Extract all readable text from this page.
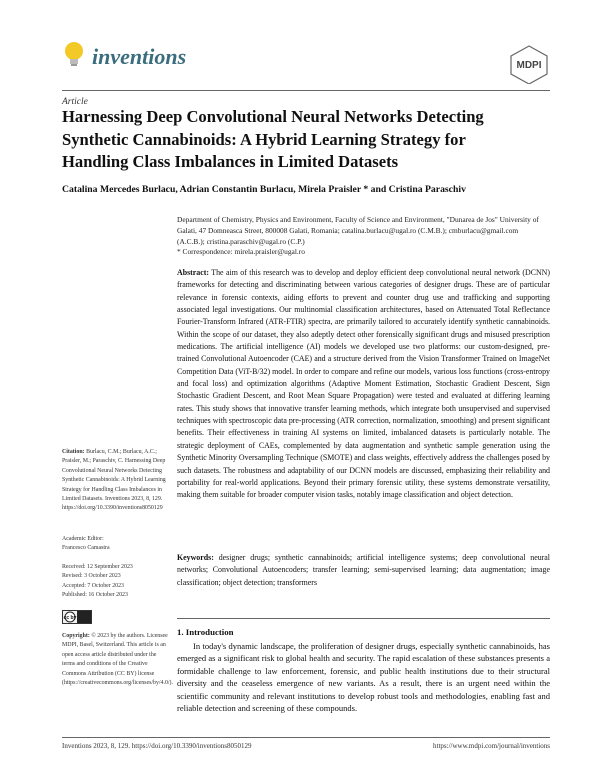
inventions	MDPI
Article
Harnessing Deep Convolutional Neural Networks Detecting Synthetic Cannabinoids: A Hybrid Learning Strategy for Handling Class Imbalances in Limited Datasets
Catalina Mercedes Burlacu, Adrian Constantin Burlacu, Mirela Praisler * and Cristina Paraschiv
Department of Chemistry, Physics and Environment, Faculty of Science and Environment, "Dunarea de Jos" University of Galati, 47 Domneasca Street, 800008 Galati, Romania; catalina.burlacu@ugal.ro (C.M.B.); cmburlacu@gmail.com (A.C.B.); cristina.paraschiv@ugal.ro (C.P.)
* Correspondence: mirela.praisler@ugal.ro
Abstract: The aim of this research was to develop and deploy efficient deep convolutional neural network (DCNN) frameworks for detecting and discriminating between various categories of designer drugs. These are of particular relevance in forensic contexts, aiding efforts to prevent and counter drug use and trafficking and supporting associated legal investigations. Our multinomial classification architectures, based on Attenuated Total Reflectance Fourier-Transform Infrared (ATR-FTIR) spectra, are primarily tailored to accurately identify synthetic cannabinoids. Within the scope of our dataset, they also adeptly detect other forensically significant drugs and misused prescription medications. The artificial intelligence (AI) models we developed use two platforms: our custom-designed, pre-trained Convolutional Autoencoder (CAE) and a structure derived from the Vision Transformer Trained on ImageNet Competition Data (ViT-B/32) model. In order to compare and refine our models, various loss functions (cross-entropy and focal loss) and optimization algorithms (Adaptive Moment Estimation, Stochastic Gradient Descent, Sign Stochastic Gradient Descent, and Root Mean Square Propagation) were tested and evaluated at differing learning rates. This study shows that innovative transfer learning methods, which integrate both unsupervised and supervised techniques with spectroscopic data pre-processing (ATR correction, normalization, smoothing) and present significant benefits. Their effectiveness in training AI systems on limited, imbalanced datasets is particularly notable. The strategic deployment of CAEs, complemented by data augmentation and synthetic sample generation using the Synthetic Minority Oversampling Technique (SMOTE) and class weights, effectively address the challenges posed by such datasets. The robustness and adaptability of our DCNN models are discussed, emphasizing their reliability and portability for real-world applications. Beyond their primary forensic utility, these systems demonstrate versatility, making them suitable for broader computer vision tasks, notably image classification and object detection.
Keywords: designer drugs; synthetic cannabinoids; artificial intelligence systems; deep convolutional neural networks; Convolutional Autoencoders; transfer learning; semi-supervised learning; data augmentation; image classification; object detection; transformers
Citation: Burlacu, C.M.; Burlacu, A.C.; Praisler, M.; Paraschiv, C. Harnessing Deep Convolutional Neural Networks Detecting Synthetic Cannabinoids: A Hybrid Learning Strategy for Handling Class Imbalances in Limited Datasets. Inventions 2023, 8, 129. https://doi.org/10.3390/inventions8050129
Academic Editor:
Francesco Camastra
Received: 12 September 2023
Revised: 3 October 2023
Accepted: 7 October 2023
Published: 16 October 2023
cc by
Copyright: © 2023 by the authors. Licensee MDPI, Basel, Switzerland. This article is an open access article distributed under the terms and conditions of the Creative Commons Attribution (CC BY) license (https://creativecommons.org/licenses/by/4.0/).
1. Introduction

In today's dynamic landscape, the proliferation of designer drugs, especially synthetic cannabinoids, has emerged as a significant risk to global health and security. The rapid escalation of these substances presents a formidable challenge to law enforcement, forensic, and public health institutions due to their structural diversity and the ceaseless emergence of new variants. As a result, there is an urgent need within the scientific community and relevant institutions to develop robust tools and methodologies, enabling fast and reliable detection and screening of these compounds.

Inventions 2023, 8, 129. https://doi.org/10.3390/inventions8050129	https://www.mdpi.com/journal/inventions
